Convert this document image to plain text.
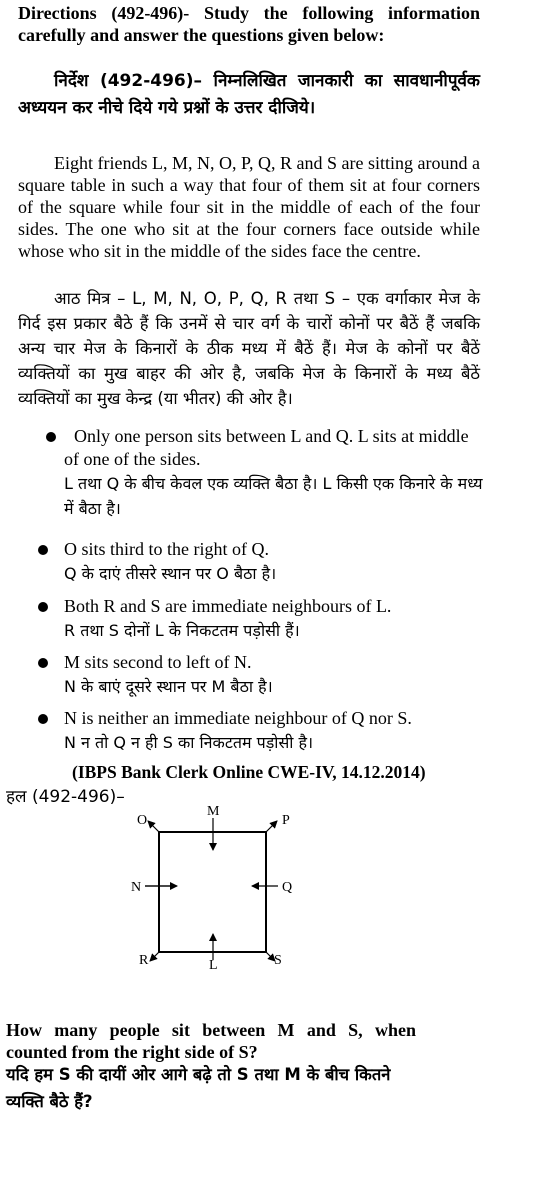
Directions (492-496)- Study the following information carefully and answer the questions given below:

निर्देश (492-496)– निम्नलिखित जानकारी का सावधानीपूर्वक अध्ययन कर नीचे दिये गये प्रश्नों के उत्तर दीजिये।

Eight friends L, M, N, O, P, Q, R and S are sitting around a square table in such a way that four of them sit at four corners of the square while four sit in the middle of each of the four sides. The one who sit at the four corners face outside while whose who sit in the middle of the sides face the centre.

आठ मित्र – L, M, N, O, P, Q, R तथा S – एक वर्गाकार मेज के गिर्द इस प्रकार बैठे हैं कि उनमें से चार वर्ग के चारों कोनों पर बैठें हैं जबकि अन्य चार मेज के किनारों के ठीक मध्य में बैठें हैं। मेज के कोनों पर बैठें व्यक्तियों का मुख बाहर की ओर है, जबकि मेज के किनारों के मध्य बैठें व्यक्तियों का मुख केन्द्र (या भीतर) की ओर है।

Only one person sits between L and Q. L sits at middle of one of the sides.
L तथा Q के बीच केवल एक व्यक्ति बैठा है। L किसी एक किनारे के मध्य में बैठा है।

O sits third to the right of Q.
Q के दाएं तीसरे स्थान पर O बैठा है।

Both R and S are immediate neighbours of L.
R तथा S दोनों L के निकटतम पड़ोसी हैं।

M sits second to left of N.
N के बाएं दूसरे स्थान पर M बैठा है।

N is neither an immediate neighbour of Q nor S.
N न तो Q न ही S का निकटतम पड़ोसी है।

(IBPS Bank Clerk Online CWE-IV, 14.12.2014)

हल (492-496)–

O
M
P
N	Q
R	L	S

How many people sit between M and S, when counted from the right side of S?

यदि हम S की दायीं ओर आगे बढ़े तो S तथा M के बीच कितने व्यक्ति बैठे हैं?
